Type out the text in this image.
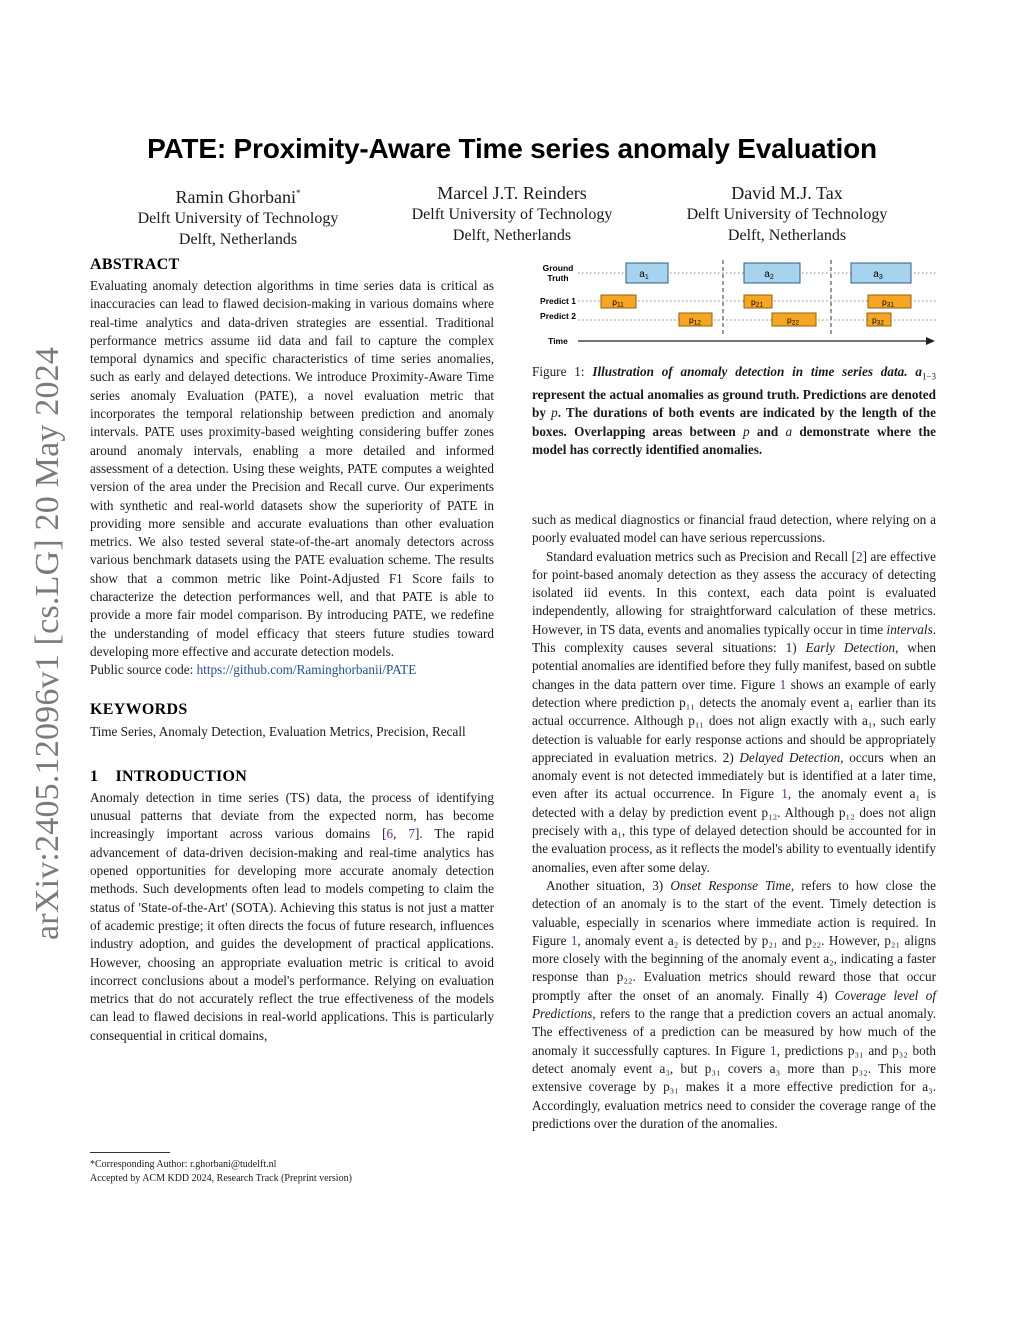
arXiv:2405.12096v1 [cs.LG] 20 May 2024
PATE: Proximity-Aware Time series anomaly Evaluation
Ramin Ghorbani*
Delft University of Technology
Delft, Netherlands
Marcel J.T. Reinders
Delft University of Technology
Delft, Netherlands
David M.J. Tax
Delft University of Technology
Delft, Netherlands
ABSTRACT

Evaluating anomaly detection algorithms in time series data is critical as inaccuracies can lead to flawed decision-making in various domains where real-time analytics and data-driven strategies are essential. Traditional performance metrics assume iid data and fail to capture the complex temporal dynamics and specific characteristics of time series anomalies, such as early and delayed detections. We introduce Proximity-Aware Time series anomaly Evaluation (PATE), a novel evaluation metric that incorporates the temporal relationship between prediction and anomaly intervals. PATE uses proximity-based weighting considering buffer zones around anomaly intervals, enabling a more detailed and informed assessment of a detection. Using these weights, PATE computes a weighted version of the area under the Precision and Recall curve. Our experiments with synthetic and real-world datasets show the superiority of PATE in providing more sensible and accurate evaluations than other evaluation metrics. We also tested several state-of-the-art anomaly detectors across various benchmark datasets using the PATE evaluation scheme. The results show that a common metric like Point-Adjusted F1 Score fails to characterize the detection performances well, and that PATE is able to provide a more fair model comparison. By introducing PATE, we redefine the understanding of model efficacy that steers future studies toward developing more effective and accurate detection models.

Public source code: https://github.com/Raminghorbanii/PATE

KEYWORDS

Time Series, Anomaly Detection, Evaluation Metrics, Precision, Recall

1    INTRODUCTION

Anomaly detection in time series (TS) data, the process of identifying unusual patterns that deviate from the expected norm, has become increasingly important across various domains [6, 7]. The rapid advancement of data-driven decision-making and real-time analytics has opened opportunities for developing more accurate anomaly detection methods. Such developments often lead to models competing to claim the status of 'State-of-the-Art' (SOTA). Achieving this status is not just a matter of academic prestige; it often directs the focus of future research, influences industry adoption, and guides the development of practical applications. However, choosing an appropriate evaluation metric is critical to avoid incorrect conclusions about a model's performance. Relying on evaluation metrics that do not accurately reflect the true effectiveness of the models can lead to flawed decisions in real-world applications. This is particularly consequential in critical domains,

*Corresponding Author: r.ghorbani@tudelft.nl
Accepted by ACM KDD 2024, Research Track (Preprint version)
Ground
Truth
Predict 1
Predict 2
Time
$a_1$	$a_2$	$a_3$
p11
p12
p21
p22
p31
p32
Figure 1: Illustration of anomaly detection in time series data. $a_{1-3}$ represent the actual anomalies as ground truth. Predictions are denoted by p. The durations of both events are indicated by the length of the boxes. Overlapping areas between p and a demonstrate where the model has correctly identified anomalies.

such as medical diagnostics or financial fraud detection, where relying on a poorly evaluated model can have serious repercussions.

Standard evaluation metrics such as Precision and Recall [2] are effective for point-based anomaly detection as they assess the accuracy of detecting isolated iid events. In this context, each data point is evaluated independently, allowing for straightforward calculation of these metrics. However, in TS data, events and anomalies typically occur in time intervals. This complexity causes several situations: 1) Early Detection, when potential anomalies are identified before they fully manifest, based on subtle changes in the data pattern over time. Figure 1 shows an example of early detection where prediction p₁₁ detects the anomaly event a₁ earlier than its actual occurrence. Although p₁₁ does not align exactly with a₁, such early detection is valuable for early response actions and should be appropriately appreciated in evaluation metrics. 2) Delayed Detection, occurs when an anomaly event is not detected immediately but is identified at a later time, even after its actual occurrence. In Figure 1, the anomaly event a₁ is detected with a delay by prediction event p₁₂. Although p₁₂ does not align precisely with a₁, this type of delayed detection should be accounted for in the evaluation process, as it reflects the model's ability to eventually identify anomalies, even after some delay.

Another situation, 3) Onset Response Time, refers to how close the detection of an anomaly is to the start of the event. Timely detection is valuable, especially in scenarios where immediate action is required. In Figure 1, anomaly event a₂ is detected by p₂₁ and p₂₂. However, p₂₁ aligns more closely with the beginning of the anomaly event a₂, indicating a faster response than p₂₂. Evaluation metrics should reward those that occur promptly after the onset of an anomaly. Finally 4) Coverage level of Predictions, refers to the range that a prediction covers an actual anomaly. The effectiveness of a prediction can be measured by how much of the anomaly it successfully captures. In Figure 1, predictions p₃₁ and p₃₂ both detect anomaly event a₃, but p₃₁ covers a₃ more than p₃₂. This more extensive coverage by p₃₁ makes it a more effective prediction for a₃. Accordingly, evaluation metrics need to consider the coverage range of the predictions over the duration of the anomalies.
